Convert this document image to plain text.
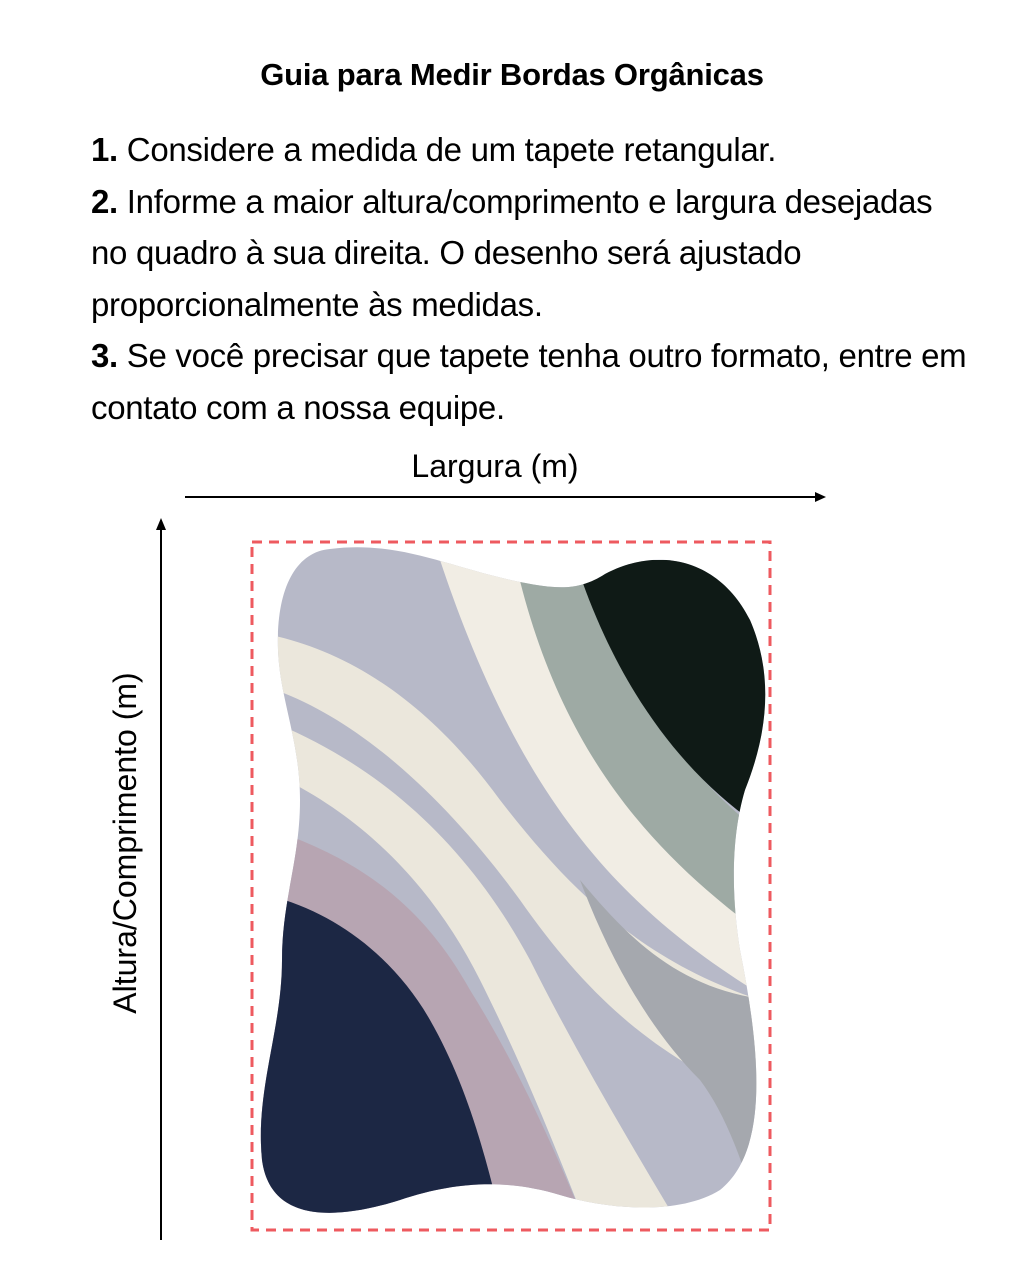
Guia para Medir Bordas Orgânicas

1. Considere a medida de um tapete retangular.

2. Informe a maior altura/comprimento e largura desejadas no quadro à sua direita. O desenho será ajustado proporcionalmente às medidas.

3. Se você precisar que tapete tenha outro formato, entre em contato com a nossa equipe.

Largura (m)
Altura/Comprimento (m)
